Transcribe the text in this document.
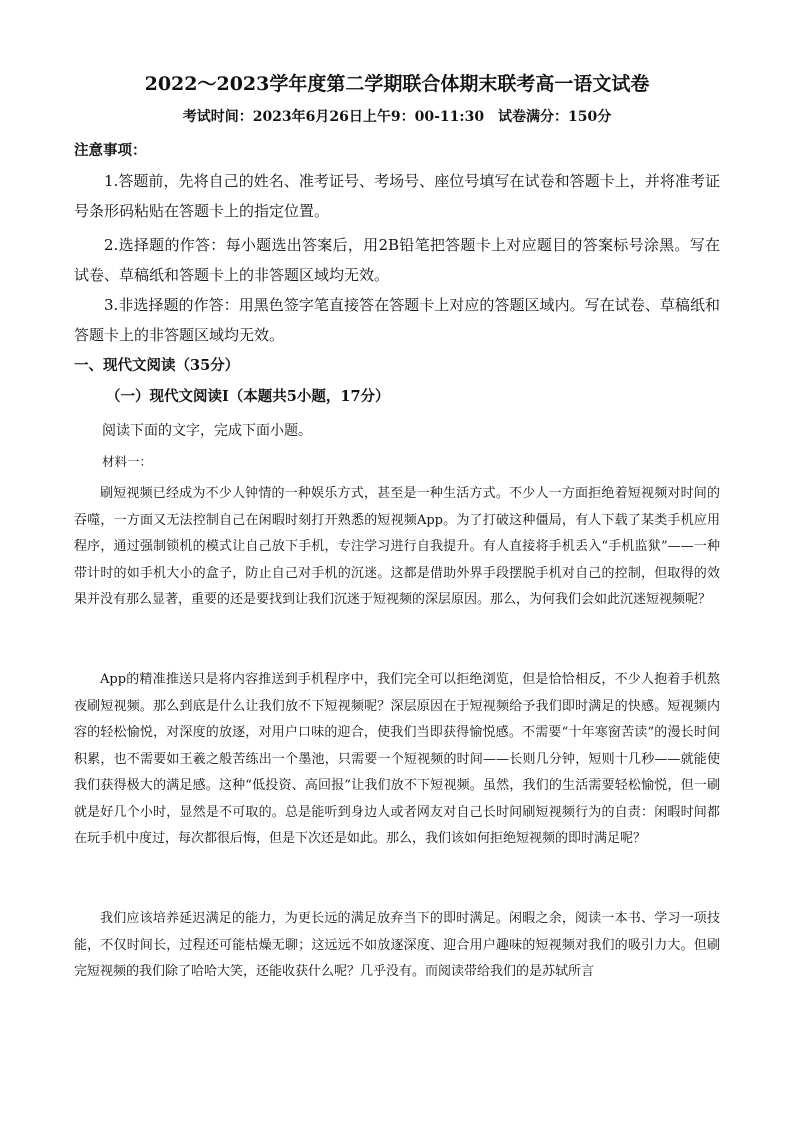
2022～2023学年度第二学期联合体期末联考高一语文试卷
考试时间：2023年6月26日上午9：00-11:30　试卷满分：150分
注意事项：
1.答题前，先将自己的姓名、准考证号、考场号、座位号填写在试卷和答题卡上，并将准考证号条形码粘贴在答题卡上的指定位置。
2.选择题的作答：每小题选出答案后，用2B铅笔把答题卡上对应题目的答案标号涂黑。写在试卷、草稿纸和答题卡上的非答题区域均无效。
3.非选择题的作答：用黑色签字笔直接答在答题卡上对应的答题区域内。写在试卷、草稿纸和答题卡上的非答题区域均无效。
一、现代文阅读（35分）
（一）现代文阅读Ⅰ（本题共5小题，17分）
阅读下面的文字，完成下面小题。
材料一：
刷短视频已经成为不少人钟情的一种娱乐方式，甚至是一种生活方式。不少人一方面拒绝着短视频对时间的吞噬，一方面又无法控制自己在闲暇时刻打开熟悉的短视频App。为了打破这种僵局，有人下载了某类手机应用程序，通过强制锁机的模式让自己放下手机，专注学习进行自我提升。有人直接将手机丢入“手机监狱”——一种带计时的如手机大小的盒子，防止自己对手机的沉迷。这都是借助外界手段摆脱手机对自己的控制，但取得的效果并没有那么显著，重要的还是要找到让我们沉迷于短视频的深层原因。那么，为何我们会如此沉迷短视频呢？
App的精准推送只是将内容推送到手机程序中，我们完全可以拒绝浏览，但是恰恰相反，不少人抱着手机熬夜刷短视频。那么到底是什么让我们放不下短视频呢？深层原因在于短视频给予我们即时满足的快感。短视频内容的轻松愉悦，对深度的放逐，对用户口味的迎合，使我们当即获得愉悦感。不需要“十年寒窗苦读”的漫长时间积累，也不需要如王羲之般苦练出一个墨池，只需要一个短视频的时间——长则几分钟，短则十几秒——就能使我们获得极大的满足感。这种“低投资、高回报”让我们放不下短视频。虽然，我们的生活需要轻松愉悦，但一刷就是好几个小时，显然是不可取的。总是能听到身边人或者网友对自己长时间刷短视频行为的自责：闲暇时间都在玩手机中度过，每次都很后悔，但是下次还是如此。那么，我们该如何拒绝短视频的即时满足呢？
我们应该培养延迟满足的能力，为更长远的满足放弃当下的即时满足。闲暇之余，阅读一本书、学习一项技能，不仅时间长，过程还可能枯燥无聊；这远远不如放逐深度、迎合用户趣味的短视频对我们的吸引力大。但刷完短视频的我们除了哈哈大笑，还能收获什么呢？几乎没有。而阅读带给我们的是苏轼所言
